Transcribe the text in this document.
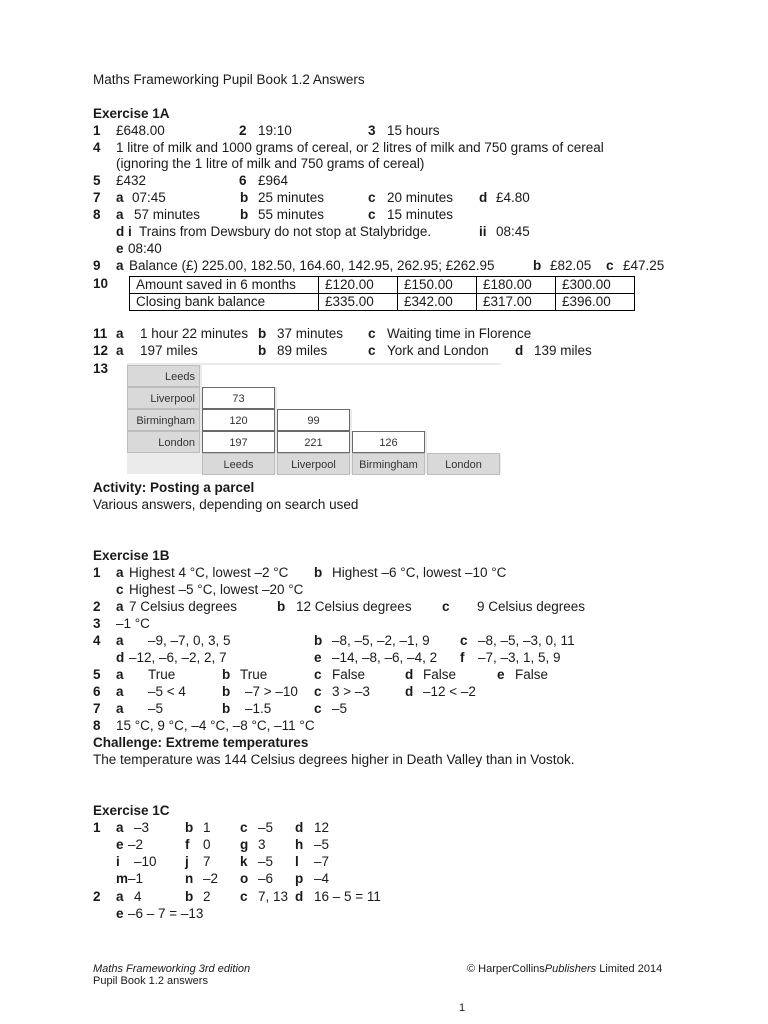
Maths Frameworking Pupil Book 1.2 Answers
Exercise 1A
1 £648.00	2 19:10	3 15 hours
4 1 litre of milk and 1000 grams of cereal, or 2 litres of milk and 750 grams of cereal
(ignoring the 1 litre of milk and 750 grams of cereal)
5 £432	6 £964
7 a 07:45	b 25 minutes	c 20 minutes d £4.80
8 a 57 minutes	b 55 minutes	c 15 minutes
d i Trains from Dewsbury do not stop at Stalybridge.	ii 08:45
e 08:40
9 a Balance (£) 225.00, 182.50, 164.60, 142.95, 262.95; £262.95	b £82.05 c £47.25
10 Amount saved in 6 months	£120.00	£150.00	£180.00	£300.00
Closing bank balance	£335.00	£342.00	£317.00	£396.00
11 a 1 hour 22 minutes b 37 minutes c Waiting time in Florence
12 a 197 miles	b 89 miles	c York and London d 139 miles
13
Leeds
Liverpool	73
Birmingham	120	99
London	197	221	126
Leeds	Liverpool	Birmingham	London
Activity: Posting a parcel
Various answers, depending on search used
Exercise 1B
1 a Highest 4 °C, lowest –2 °C b Highest –6 °C, lowest –10 °C
c Highest –5 °C, lowest –20 °C
2 a 7 Celsius degrees	b 12 Celsius degrees c 9 Celsius degrees
3 –1 °C
4 a –9, –7, 0, 3, 5	b –8, –5, –2, –1, 9 c –8, –5, –3, 0, 11
d –12, –6, –2, 2, 7	e –14, –8, –6, –4, 2 f –7, –3, 1, 5, 9
5 a True	b True	c False	d False	e False
6 a –5 < 4	b –7 > –10 c 3 > –3	d –12 < –2
7 a –5	b –1.5	c –5
8 15 °C, 9 °C, –4 °C, –8 °C, –11 °C
Challenge: Extreme temperatures
The temperature was 144 Celsius degrees higher in Death Valley than in Vostok.
Exercise 1C
1 a –3	b 1 c –5 d 12
e –2	f 0 g 3 h –5
i –10 j 7 k –5 l –7
m –1	n –2 o –6 p –4
2 a 4	b 2 c 7, 13 d 16 – 5 = 11
e –6 – 7 = –13
Maths Frameworking 3rd edition
Pupil Book 1.2 answers
© HarperCollinsPublishers Limited 2014
1
